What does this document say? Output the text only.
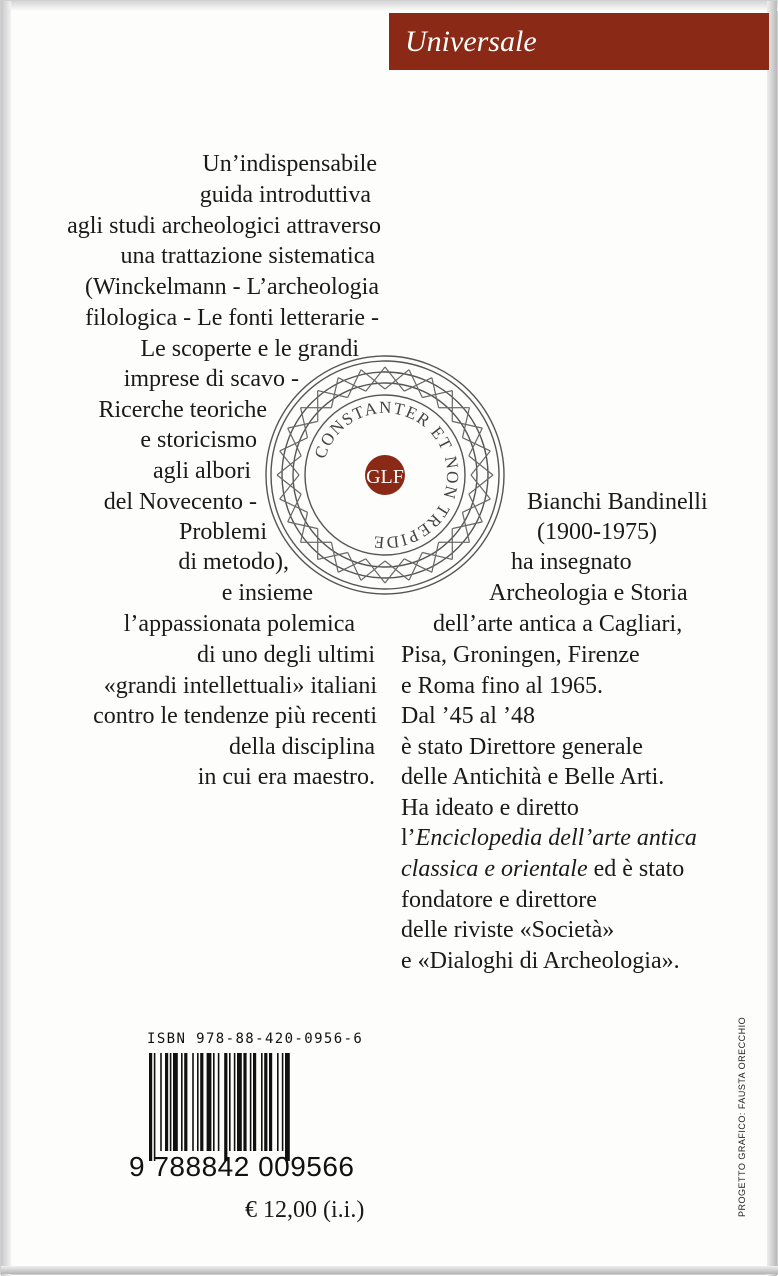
Universale
Un’indispensabile
guida introduttiva
agli studi archeologici attraverso
una trattazione sistematica
(Winckelmann - L’archeologia
filologica - Le fonti letterarie -
Le scoperte e le grandi
imprese di scavo -
Ricerche teoriche
e storicismo
agli albori
del Novecento -
Problemi
di metodo),
e insieme
l’appassionata polemica
di uno degli ultimi
«grandi intellettuali» italiani
contro le tendenze più recenti
della disciplina
in cui era maestro.
Bianchi Bandinelli
(1900-1975)
ha insegnato
Archeologia e Storia
dell’arte antica a Cagliari,
Pisa, Groningen, Firenze
e Roma fino al 1965.
Dal ’45 al ’48
è stato Direttore generale
delle Antichità e Belle Arti.
Ha ideato e diretto
l’Enciclopedia dell’arte antica
classica e orientale ed è stato
fondatore e direttore
delle riviste «Società»
e «Dialoghi di Archeologia».
CONSTANTER ET NON TREPIDE
GLF
ISBN 978-88-420-0956-6
9 788842 009566
€ 12,00 (i.i.)	PROGETTO GRAFICO: FAUSTA ORECCHIO
